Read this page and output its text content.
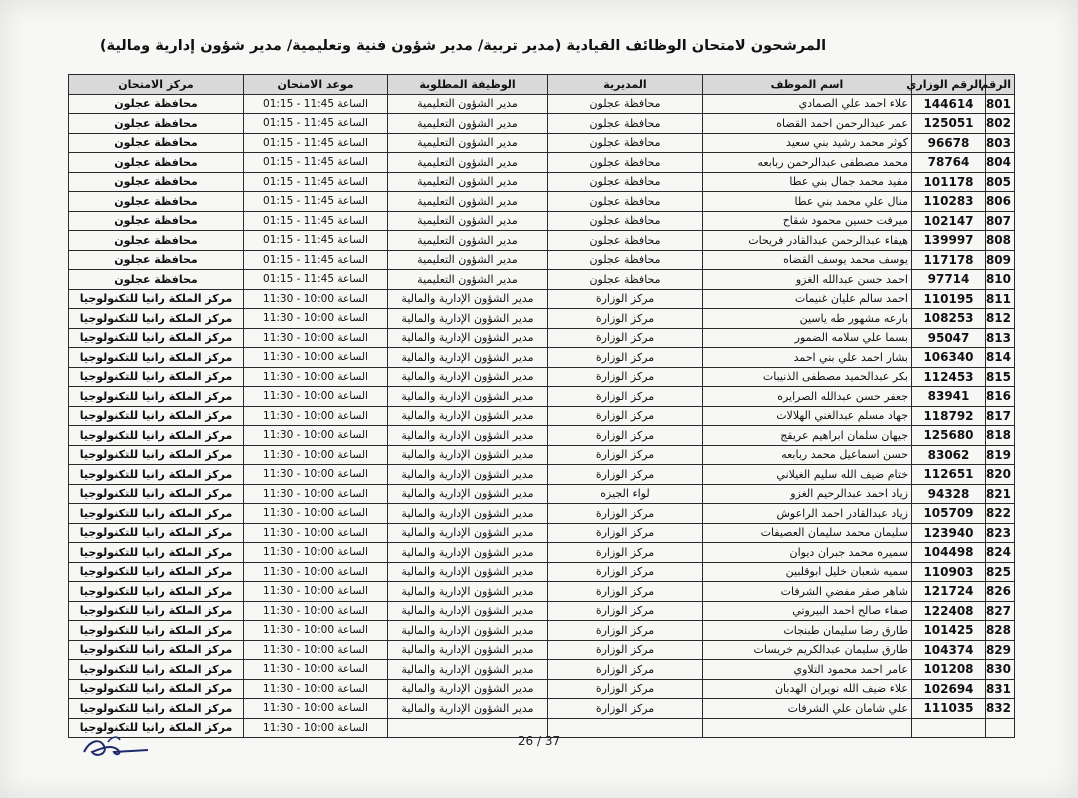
المرشحون لامتحان الوظائف القيادية (مدير تربية/ مدير شؤون فنية وتعليمية/ مدير شؤون إدارية ومالية)
الرقم	الرقم الوزاري	اسم الموظف	المديرية	الوظيفة المطلوبة	موعد الامتحان	مركز الامتحان
801	144614	علاء احمد علي الصمادي	محافظة عجلون	مدير الشؤون التعليمية	الساعة 11:45 - 01:15	محافظة عجلون
802	125051	عمر عبدالرحمن احمد القضاه	محافظة عجلون	مدير الشؤون التعليمية	الساعة 11:45 - 01:15	محافظة عجلون
803	96678	كوثر محمد رشيد بني سعيد	محافظة عجلون	مدير الشؤون التعليمية	الساعة 11:45 - 01:15	محافظة عجلون
804	78764	محمد مصطفى عبدالرحمن ربابعه	محافظة عجلون	مدير الشؤون التعليمية	الساعة 11:45 - 01:15	محافظة عجلون
805	101178	مفيد محمد جمال بني عطا	محافظة عجلون	مدير الشؤون التعليمية	الساعة 11:45 - 01:15	محافظة عجلون
806	110283	منال علي محمد بني عطا	محافظة عجلون	مدير الشؤون التعليمية	الساعة 11:45 - 01:15	محافظة عجلون
807	102147	ميرفت حسين محمود شقاح	محافظة عجلون	مدير الشؤون التعليمية	الساعة 11:45 - 01:15	محافظة عجلون
808	139997	هيفاء عبدالرحمن عبدالقادر فريحات	محافظة عجلون	مدير الشؤون التعليمية	الساعة 11:45 - 01:15	محافظة عجلون
809	117178	يوسف محمد يوسف القضاه	محافظة عجلون	مدير الشؤون التعليمية	الساعة 11:45 - 01:15	محافظة عجلون
810	97714	احمد حسن عبدالله الغزو	محافظة عجلون	مدير الشؤون التعليمية	الساعة 11:45 - 01:15	محافظة عجلون
811	110195	احمد سالم عليان غنيمات	مركز الوزارة	مدير الشؤون الإدارية والمالية	الساعة 10:00 - 11:30	مركز الملكة رانيا للتكنولوجيا
812	108253	بارعه مشهور طه ياسين	مركز الوزارة	مدير الشؤون الإدارية والمالية	الساعة 10:00 - 11:30	مركز الملكة رانيا للتكنولوجيا
813	95047	بسما علي سلامه الضمور	مركز الوزارة	مدير الشؤون الإدارية والمالية	الساعة 10:00 - 11:30	مركز الملكة رانيا للتكنولوجيا
814	106340	بشار احمد علي بني احمد	مركز الوزارة	مدير الشؤون الإدارية والمالية	الساعة 10:00 - 11:30	مركز الملكة رانيا للتكنولوجيا
815	112453	بكر عبدالحميد مصطفى الذنيبات	مركز الوزارة	مدير الشؤون الإدارية والمالية	الساعة 10:00 - 11:30	مركز الملكة رانيا للتكنولوجيا
816	83941	جعفر حسن عبدالله الصرايره	مركز الوزارة	مدير الشؤون الإدارية والمالية	الساعة 10:00 - 11:30	مركز الملكة رانيا للتكنولوجيا
817	118792	جهاد مسلم عبدالغني الهلالات	مركز الوزارة	مدير الشؤون الإدارية والمالية	الساعة 10:00 - 11:30	مركز الملكة رانيا للتكنولوجيا
818	125680	جيهان سلمان ابراهيم عريقج	مركز الوزارة	مدير الشؤون الإدارية والمالية	الساعة 10:00 - 11:30	مركز الملكة رانيا للتكنولوجيا
819	83062	حسن اسماعيل محمد ربابعه	مركز الوزارة	مدير الشؤون الإدارية والمالية	الساعة 10:00 - 11:30	مركز الملكة رانيا للتكنولوجيا
820	112651	ختام ضيف الله سليم الغيلاني	مركز الوزارة	مدير الشؤون الإدارية والمالية	الساعة 10:00 - 11:30	مركز الملكة رانيا للتكنولوجيا
821	94328	زياد احمد عبدالرحيم الغزو	لواء الجيزه	مدير الشؤون الإدارية والمالية	الساعة 10:00 - 11:30	مركز الملكة رانيا للتكنولوجيا
822	105709	زياد عبدالقادر احمد الراعوش	مركز الوزارة	مدير الشؤون الإدارية والمالية	الساعة 10:00 - 11:30	مركز الملكة رانيا للتكنولوجيا
823	123940	سليمان محمد سليمان العصيفات	مركز الوزارة	مدير الشؤون الإدارية والمالية	الساعة 10:00 - 11:30	مركز الملكة رانيا للتكنولوجيا
824	104498	سميره محمد جبران ديوان	مركز الوزارة	مدير الشؤون الإدارية والمالية	الساعة 10:00 - 11:30	مركز الملكة رانيا للتكنولوجيا
825	110903	سميه شعبان خليل ابوقلبين	مركز الوزارة	مدير الشؤون الإدارية والمالية	الساعة 10:00 - 11:30	مركز الملكة رانيا للتكنولوجيا
826	121724	شاهر صقر مفضي الشرفات	مركز الوزارة	مدير الشؤون الإدارية والمالية	الساعة 10:00 - 11:30	مركز الملكة رانيا للتكنولوجيا
827	122408	صفاء صالح احمد البيروتي	مركز الوزارة	مدير الشؤون الإدارية والمالية	الساعة 10:00 - 11:30	مركز الملكة رانيا للتكنولوجيا
828	101425	طارق رضا سليمان طبنجات	مركز الوزارة	مدير الشؤون الإدارية والمالية	الساعة 10:00 - 11:30	مركز الملكة رانيا للتكنولوجيا
829	104374	طارق سليمان عبدالكريم خريسات	مركز الوزارة	مدير الشؤون الإدارية والمالية	الساعة 10:00 - 11:30	مركز الملكة رانيا للتكنولوجيا
830	101208	عامر احمد محمود التلاوي	مركز الوزارة	مدير الشؤون الإدارية والمالية	الساعة 10:00 - 11:30	مركز الملكة رانيا للتكنولوجيا
831	102694	علاء ضيف الله نويران الهدبان	مركز الوزارة	مدير الشؤون الإدارية والمالية	الساعة 10:00 - 11:30	مركز الملكة رانيا للتكنولوجيا
832	111035	علي شامان علي الشرفات	مركز الوزارة	مدير الشؤون الإدارية والمالية	الساعة 10:00 - 11:30	مركز الملكة رانيا للتكنولوجيا
					الساعة 10:00 - 11:30	مركز الملكة رانيا للتكنولوجيا
26 / 37
